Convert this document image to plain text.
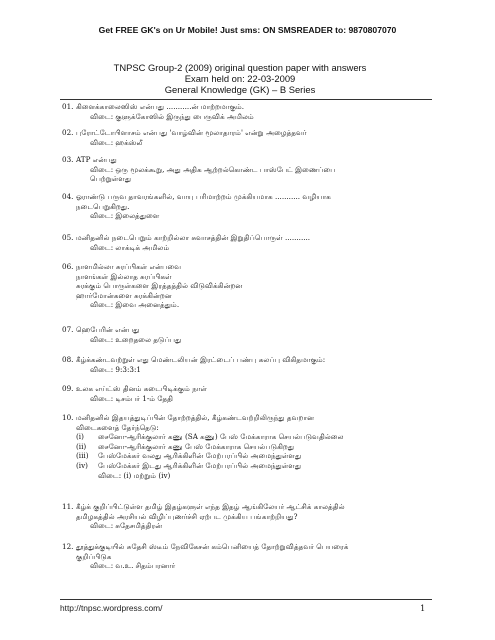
Get FREE GK's on Ur Mobile! Just sms: ON SMSREADER to: 9870807070
TNPSC Group-2 (2009) original question paper with answers
Exam held on: 22-03-2009
General Knowledge (GK) – B Series
01. கிளைக்காலைஸிஸ் என்பது ...........ன் மாற்றமாகும்.
விடை: குளுக்கோஸில் இருந்து பைருவிக் அமிலம்
02. புரோட்டோபிளாசம் என்பது 'வாழ்வின் மூலாதாரம்' என்று அழைத்தவர்
விடை: ஹக்ஸ்லீ
03. ATP என்பது
விடை: ஒரு மூலக்கூறு, அது அதிக ஆற்றல்கொண்ட பாஸ்பேட் இணைப்பை
பெற்றுள்ளது
04. ஓராண்டு பருவ தாவரங்களில், வாயு பரிமாற்றம் முக்கியமாக ........... வழியாக
நடைபெறுகிறது.
விடை: இலைத்துளை
05. மனிதனில் நடைபெறும் காற்றில்லா சுவாசத்தின் இறுதிப்பொருள் ...........
விடை: லாக்டிக் அமிலம்
06. நாளமில்லா சுரப்பிகள் என்பவை
நாளங்கள் இல்லாத சுரப்பிகள்
சுரக்கும் பொருள்களை இரத்தத்தில் விடுவிக்கின்றன
ஹார்மோன்களை சுரக்கின்றன
விடை: இவை அனைத்தும்.
07. ஹெபேரின் என்பது
விடை: உறைதலை தடுப்பது
08. கீழ்க்கண்டவற்றுள் எது மெண்டலியன் இரட்டைப் பண்பு கலப்பு விகிதமாகும்:
விடை: 9:3:3:1
09. உலக எய்ட்ஸ் தினம் கடைபிடிக்கும் நாள்
விடை: டிசம்பர் 1-ம் தேதி
10. மனிதனில் இதயத்துடிப்பின் தோற்றத்தில், கீழ்கண்டவற்றிலிருந்து தவறான
விடைகளைத் தேர்ந்தெடு:
(i) சைனோ-ஆரிக்குலார் கணு (SA கணு) பேஸ் மேக்காராக செயல்படுவதில்லை
(ii) சைனோ-ஆரிக்குலார் கணு பேஸ் மேக்காராக செயல்படுகிறது
(iii) பேஸ்மேக்கர் வலது ஆரிக்கிளின் மேற்பரப்பில் அமைந்துள்ளது
(iv) பேஸ்மேக்கர் இடது ஆரிக்கிளின் மேற்பரப்பில் அமைந்துள்ளது
விடை: (i) மற்றும் (iv)
11. கீழ்க் குறிப்பிட்டுள்ள தமிழ் இதழ்களுள் எந்த இதழ் ஆங்கிலேயர் ஆட்சிக் காலத்தில்
தமிழகத்தில் அரசியல் விழிப்புணர்ச்சி ஏற்பட முக்கிய பங்காற்றியது?
விடை: சுதேசமித்திரன்
12. தூத்துக்குடியில் சுதேசி ஸ்டீம் நேவிகேசன் கம்பெனியைத் தோற்றுவித்தவர் பெயரைக்
குறிப்பிடுக
விடை: வ.உ. சிதம்பரனார்
http://tnpsc.wordpress.com/	1
